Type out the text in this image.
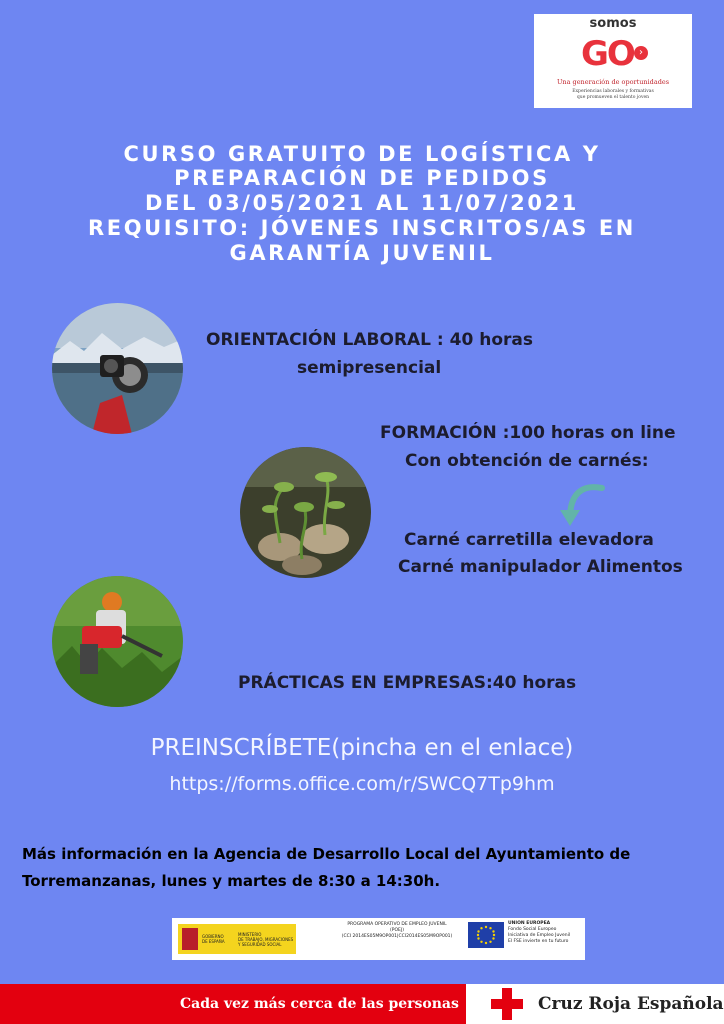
somos
GO ›
Una generación de oportunidades
Experiencias laborales y formativas
que promueven el talento joven
CURSO GRATUITO DE LOGÍSTICA Y
PREPARACIÓN DE PEDIDOS
DEL 03/05/2021 AL 11/07/2021
REQUISITO: JÓVENES INSCRITOS/AS EN
GARANTÍA JUVENIL
ORIENTACIÓN LABORAL : 40 horas
semipresencial
FORMACIÓN :100 horas on line
Con obtención de carnés:
Carné carretilla elevadora
Carné manipulador Alimentos
PRÁCTICAS EN EMPRESAS:40 horas
PREINSCRÍBETE(pincha en el enlace)
https://forms.office.com/r/SWCQ7Tp9hm
Más información en la Agencia de Desarrollo Local del Ayuntamiento de
Torremanzanas, lunes y martes de 8:30 a 14:30h.
GOBIERNO
DE ESPAÑA
MINISTERIO
DE TRABAJO, MIGRACIONES
Y SEGURIDAD SOCIAL
PROGRAMA OPERATIVO DE EMPLEO JUVENIL
(POEJ)
(CCI 2014ES05M9OP001|CCI2014ES05M9OP001)
UNION EUROPEA
Fondo Social Europeo
Iniciativa de Empleo Juvenil
El FSE invierte en tu futuro
Cada vez más cerca de las personas	Cruz Roja Española
